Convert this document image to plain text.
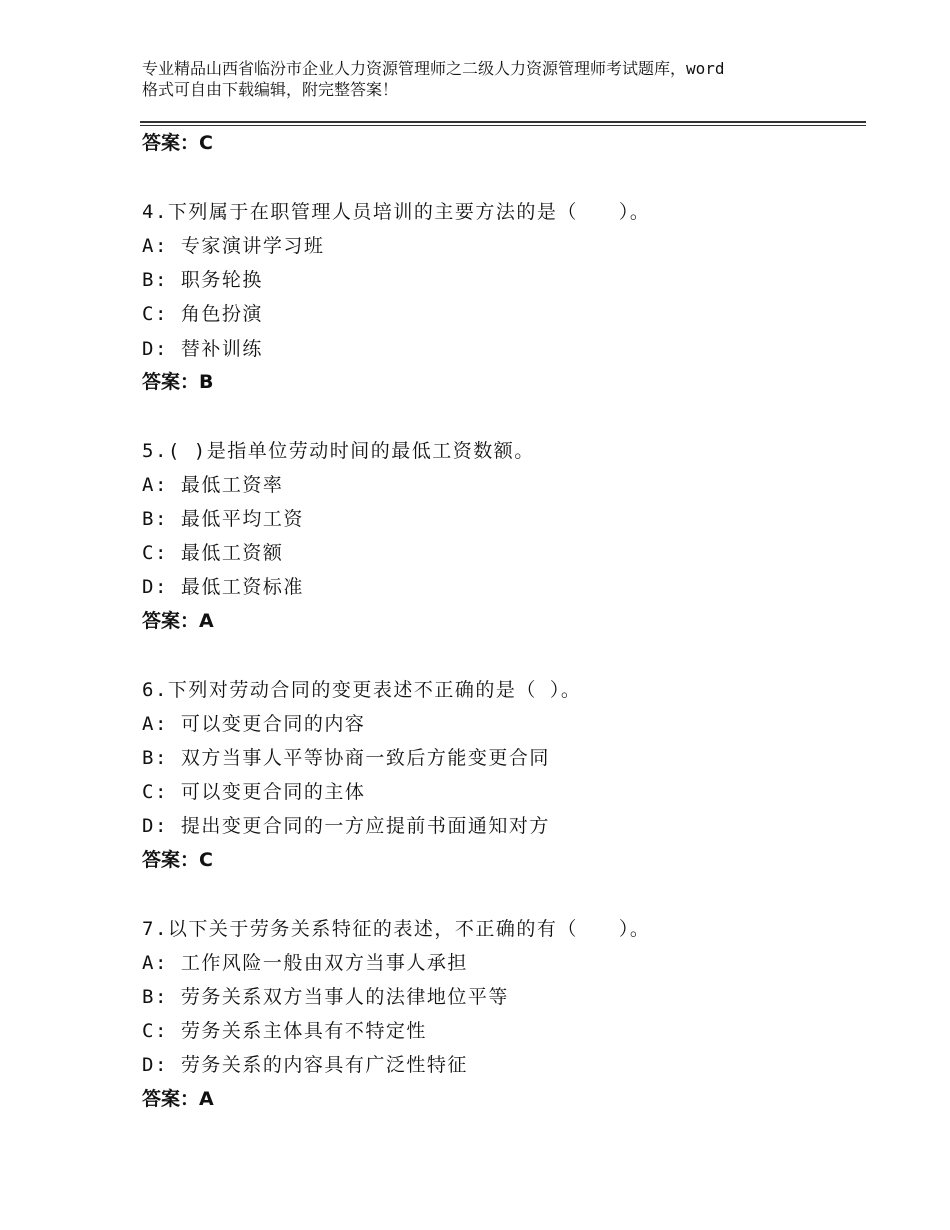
专业精品山西省临汾市企业人力资源管理师之二级人力资源管理师考试题库，word
格式可自由下载编辑，附完整答案！
答案：C
4.下列属于在职管理人员培训的主要方法的是（　　）。
A: 专家演讲学习班
B: 职务轮换
C: 角色扮演
D: 替补训练
答案：B
5.( )是指单位劳动时间的最低工资数额。
A: 最低工资率
B: 最低平均工资
C: 最低工资额
D: 最低工资标准
答案：A
6.下列对劳动合同的变更表述不正确的是（ ）。
A: 可以变更合同的内容
B: 双方当事人平等协商一致后方能变更合同
C: 可以变更合同的主体
D: 提出变更合同的一方应提前书面通知对方
答案：C
7.以下关于劳务关系特征的表述，不正确的有（　　）。
A: 工作风险一般由双方当事人承担
B: 劳务关系双方当事人的法律地位平等
C: 劳务关系主体具有不特定性
D: 劳务关系的内容具有广泛性特征
答案：A
